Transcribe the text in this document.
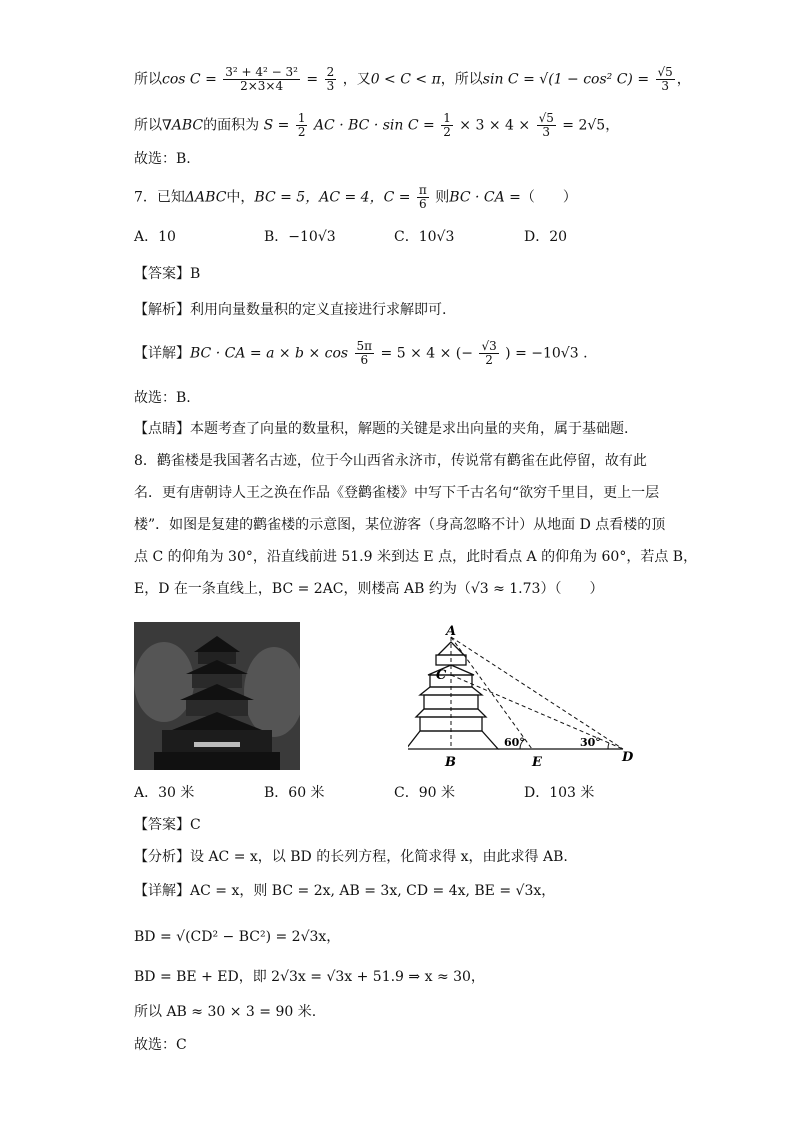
所以$\cos C = \frac{\text{3² + 4² − 3²}}{2\times 3\times 4} = \frac{2}{3}$ ，又0 < C < π，所以sin C = √(1 − cos² $C) = \frac{√5}{3}$ ，
所以∇ABC的面积为 $S = \frac{1}{2}$ AC · BC · $\sin C = \frac{1}{2} \times 3 \times 4 \times \frac{√5}{3} = 2√5$，
故选：B.
7．已知ΔABC中，BC = 5，AC = 4，$C = \frac{\pi}{6}$ 则BC · CA =（　　）
A．10	B．−10√3	C．10√3	D．20
【答案】B
【解析】利用向量数量积的定义直接进行求解即可.
【详解】BC · CA = $a \times b \times \cos \frac{5\pi}{6} = 5 \times 4$ × (− $\frac{√3}{2}$ ) = −10√3 .
故选：B.
【点睛】本题考查了向量的数量积，解题的关键是求出向量的夹角，属于基础题.
8．鹳雀楼是我国著名古迹，位于今山西省永济市，传说常有鹳雀在此停留，故有此
名．更有唐朝诗人王之涣在作品《登鹳雀楼》中写下千古名句“欲穷千里目，更上一层
楼”．如图是复建的鹳雀楼的示意图，某位游客（身高忽略不计）从地面 D 点看楼的顶
点 C 的仰角为 30°，沿直线前进 51.9 米到达 E 点，此时看点 A 的仰角为 60°，若点 B，
E，D 在一条直线上，BC = 2AC，则楼高 AB 约为（√3 ≈ 1.73）（　　）
A
C
B	E	D
60°	30°
A．30 米	B．60 米	C．90 米	D．103 米
【答案】C
【分析】设 AC = x，以 BD 的长列方程，化简求得 x，由此求得 AB.
【详解】AC = x，则 BC = 2x, AB = 3x, CD = 4x, BE = √3x，
BD = √(CD² − BC²) = 2√3x，
BD = BE + ED，即 2√3x = √3x + 51.9 ⇒ x ≈ 30，
所以 AB ≈ 30 × 3 = 90 米.
故选：C
